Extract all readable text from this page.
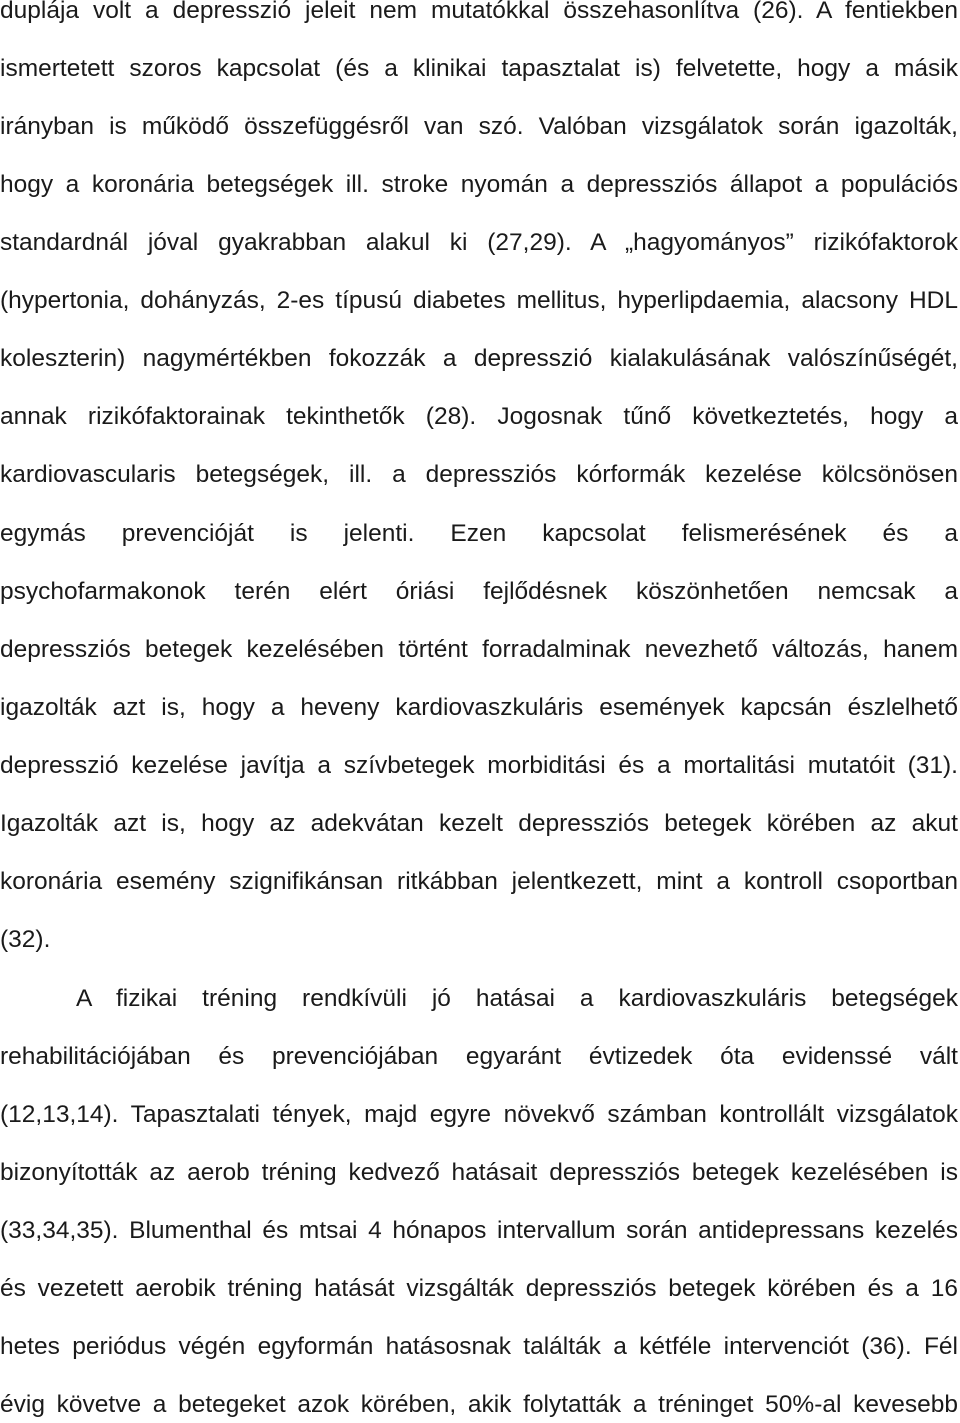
duplája volt a depresszió jeleit nem mutatókkal összehasonlítva (26). A fentiekben
ismertetett szoros kapcsolat (és a klinikai tapasztalat is) felvetette, hogy a másik
irányban is működő összefüggésről van szó. Valóban vizsgálatok során igazolták,
hogy a koronária betegségek ill. stroke nyomán a depressziós állapot a populációs
standardnál jóval gyakrabban alakul ki (27,29). A „hagyományos” rizikófaktorok
(hypertonia, dohányzás, 2-es típusú diabetes mellitus, hyperlipdaemia, alacsony HDL
koleszterin) nagymértékben fokozzák a depresszió kialakulásának valószínűségét,
annak rizikófaktorainak tekinthetők (28). Jogosnak tűnő következtetés, hogy a
kardiovascularis betegségek, ill. a depressziós kórformák kezelése kölcsönösen
egymás prevencióját is jelenti. Ezen kapcsolat felismerésének és a
psychofarmakonok terén elért óriási fejlődésnek köszönhetően nemcsak a
depressziós betegek kezelésében történt forradalminak nevezhető változás, hanem
igazolták azt is, hogy a heveny kardiovaszkuláris események kapcsán észlelhető
depresszió kezelése javítja a szívbetegek morbiditási és a mortalitási mutatóit (31).
Igazolták azt is, hogy az adekvátan kezelt depressziós betegek körében az akut
koronária esemény szignifikánsan ritkábban jelentkezett, mint a kontroll csoportban
(32).
A fizikai tréning rendkívüli jó hatásai a kardiovaszkuláris betegségek
rehabilitációjában és prevenciójában egyaránt évtizedek óta evidenssé vált
(12,13,14). Tapasztalati tények, majd egyre növekvő számban kontrollált vizsgálatok
bizonyították az aerob tréning kedvező hatásait depressziós betegek kezelésében is
(33,34,35). Blumenthal és mtsai 4 hónapos intervallum során antidepressans kezelés
és vezetett aerobik tréning hatását vizsgálták depressziós betegek körében és a 16
hetes periódus végén egyformán hatásosnak találták a kétféle intervenciót (36). Fél
évig követve a betegeket azok körében, akik folytatták a tréninget 50%-al kevesebb
